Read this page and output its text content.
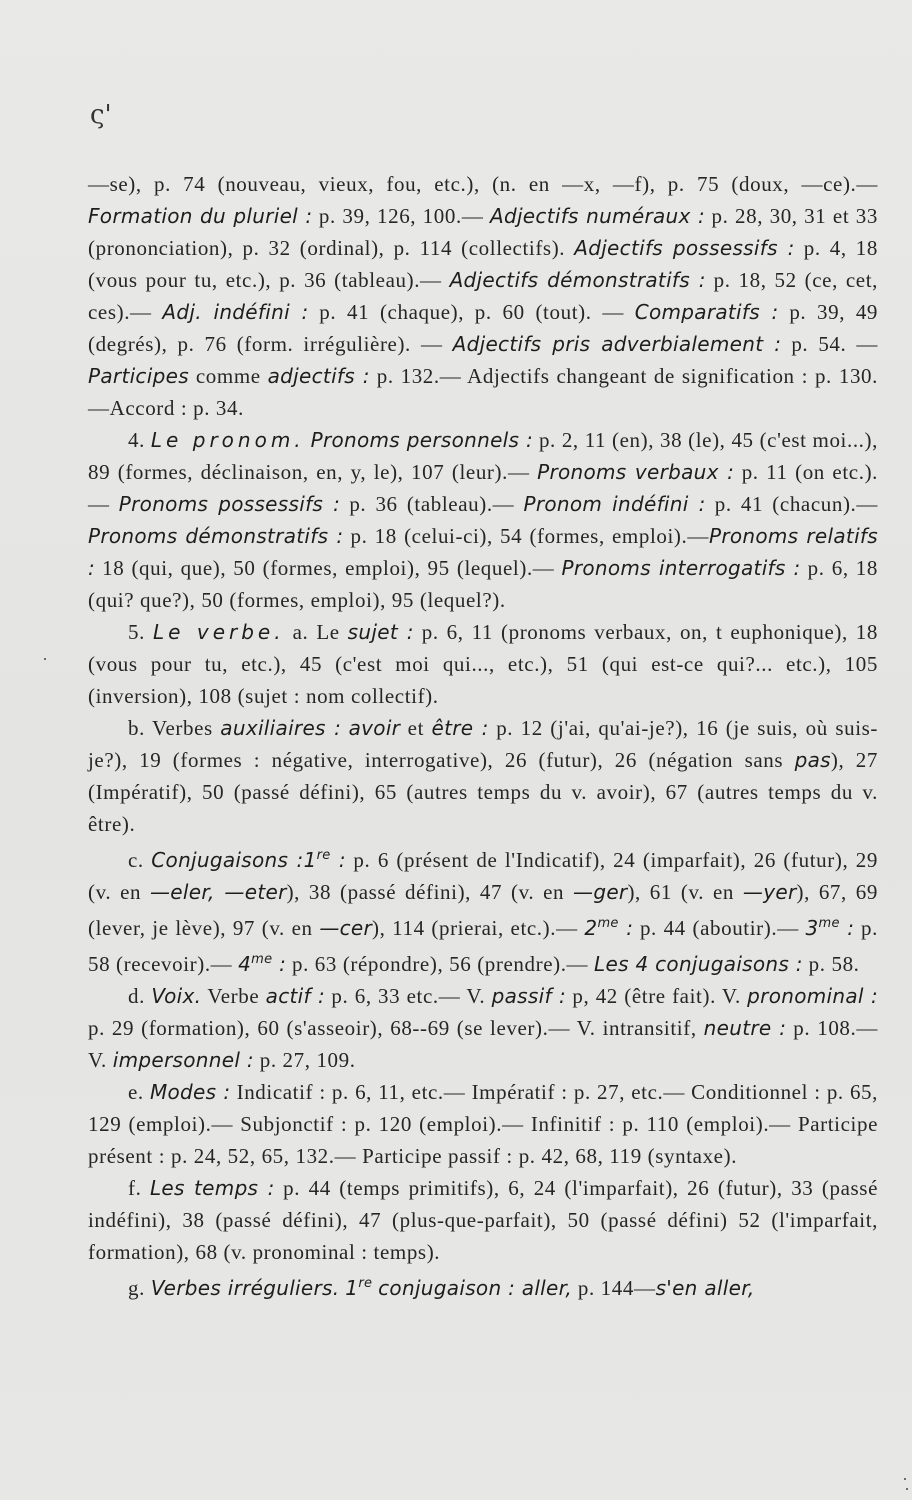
ς'

—se), p. 74 (nouveau, vieux, fou, etc.), (n. en —x, —f), p. 75 (doux, —ce).— Formation du pluriel : p. 39, 126, 100.— Adjectifs numéraux : p. 28, 30, 31 et 33 (prononciation), p. 32 (ordinal), p. 114 (collectifs). Adjectifs possessifs : p. 4, 18 (vous pour tu, etc.), p. 36 (tableau).— Adjectifs démonstratifs : p. 18, 52 (ce, cet, ces).— Adj. indéfini : p. 41 (chaque), p. 60 (tout). — Comparatifs : p. 39, 49 (degrés), p. 76 (form. irrégulière). — Adjectifs pris adverbialement : p. 54. — Participes comme adjectifs : p. 132.— Adjectifs changeant de signification : p. 130. —Accord : p. 34.

4. Le pronom. Pronoms personnels : p. 2, 11 (en), 38 (le), 45 (c'est moi...), 89 (formes, déclinaison, en, y, le), 107 (leur).— Pronoms verbaux : p. 11 (on etc.). — Pronoms possessifs : p. 36 (tableau).— Pronom indéfini : p. 41 (chacun).— Pronoms démonstratifs : p. 18 (celui-ci), 54 (formes, emploi).—Pronoms relatifs : 18 (qui, que), 50 (formes, emploi), 95 (lequel).— Pronoms interrogatifs : p. 6, 18 (qui? que?), 50 (formes, emploi), 95 (lequel?).

5. Le verbe. a. Le sujet : p. 6, 11 (pronoms verbaux, on, t euphonique), 18 (vous pour tu, etc.), 45 (c'est moi qui..., etc.), 51 (qui est-ce qui?... etc.), 105 (inversion), 108 (sujet : nom collectif).

b. Verbes auxiliaires : avoir et être : p. 12 (j'ai, qu'ai-je?), 16 (je suis, où suis-je?), 19 (formes : négative, interrogative), 26 (futur), 26 (négation sans pas), 27 (Impératif), 50 (passé défini), 65 (autres temps du v. avoir), 67 (autres temps du v. être).

c. Conjugaisons :1re : p. 6 (présent de l'Indicatif), 24 (imparfait), 26 (futur), 29 (v. en —eler, —eter), 38 (passé défini), 47 (v. en —ger), 61 (v. en —yer), 67, 69 (lever, je lève), 97 (v. en —cer), 114 (prierai, etc.).— $2^{me}$ : p. 44 (aboutir).— $3^{me}$ : p. 58 (recevoir).— $4^{me}$ : p. 63 (répondre), 56 (prendre).— Les 4 conjugaisons : p. 58.

d. Voix. Verbe actif : p. 6, 33 etc.— V. passif : p, 42 (être fait). V. pronominal : p. 29 (formation), 60 (s'asseoir), 68--69 (se lever).— V. intransitif, neutre : p. 108.— V. impersonnel : p. 27, 109.

e. Modes : Indicatif : p. 6, 11, etc.— Impératif : p. 27, etc.— Conditionnel : p. 65, 129 (emploi).— Subjonctif : p. 120 (emploi).— Infinitif : p. 110 (emploi).— Participe présent : p. 24, 52, 65, 132.— Participe passif : p. 42, 68, 119 (syntaxe).

f. Les temps : p. 44 (temps primitifs), 6, 24 (l'imparfait), 26 (futur), 33 (passé indéfini), 38 (passé défini), 47 (plus-que-parfait), 50 (passé défini) 52 (l'imparfait, formation), 68 (v. pronominal : temps).

g. Verbes irréguliers. 1re conjugaison : aller, p. 144—s'en aller,
